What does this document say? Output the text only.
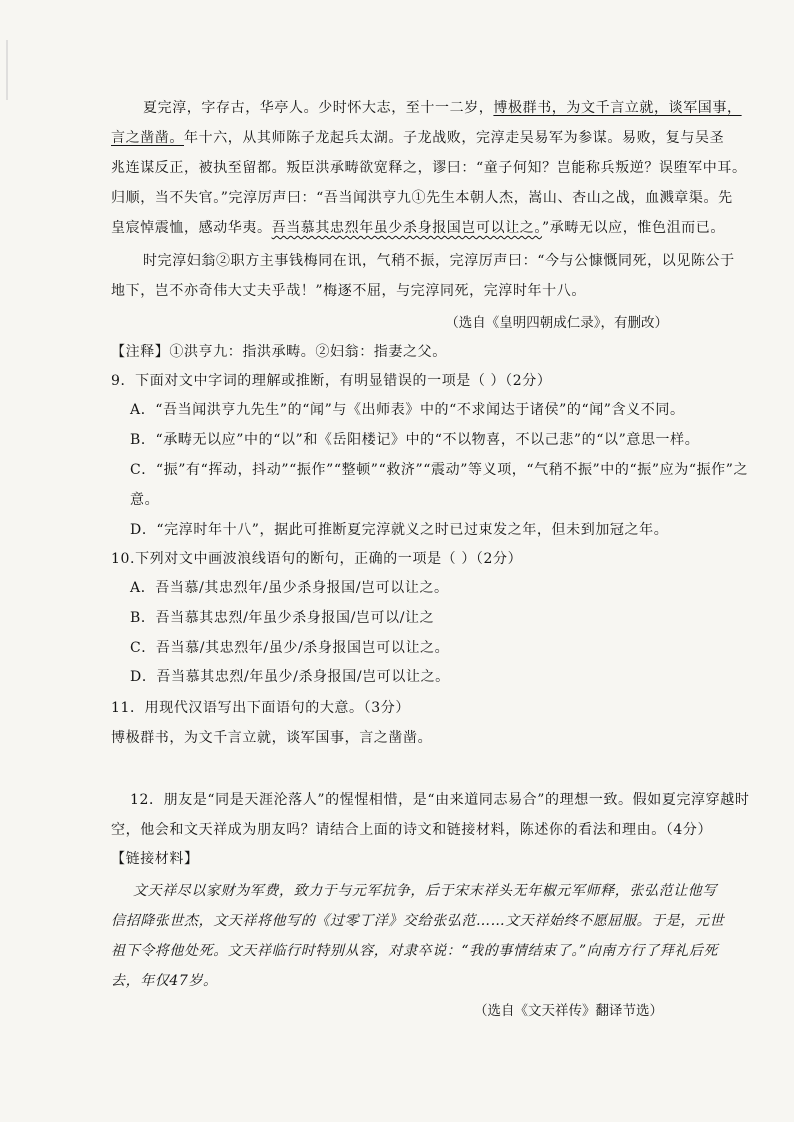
夏完淳，字存古，华亭人。少时怀大志，至十一二岁，博极群书，为文千言立就，谈军国事，
言之凿凿。年十六，从其师陈子龙起兵太湖。子龙战败，完淳走吴易军为参谋。易败，复与吴圣
兆连谋反正，被执至留都。叛臣洪承畴欲宽释之，谬曰：“童子何知？岂能称兵叛逆？误堕军中耳。
归顺，当不失官。”完淳厉声曰：“吾当闻洪亨九①先生本朝人杰，嵩山、杏山之战，血溅章渠。先
皇宸悼震恤，感动华夷。吾当慕其忠烈年虽少杀身报国岂可以让之。”承畴无以应，惟色沮而已。
时完淳妇翁②职方主事钱梅同在讯，气稍不振，完淳厉声曰：“今与公慷慨同死，以见陈公于
地下，岂不亦奇伟大丈夫乎哉！”梅逐不屈，与完淳同死，完淳时年十八。
（选自《皇明四朝成仁录》，有删改）
【注释】①洪亨九：指洪承畴。②妇翁：指妻之父。
9．下面对文中字词的理解或推断，有明显错误的一项是（ ）（2分）
A．“吾当闻洪亨九先生”的“闻”与《出师表》中的“不求闻达于诸侯”的“闻”含义不同。
B．“承畴无以应”中的“以”和《岳阳楼记》中的“不以物喜，不以己悲”的“以”意思一样。
C．“振”有“挥动，抖动”“振作”“整顿”“救济”“震动”等义项，“气稍不振”中的“振”应为“振作”之
意。
D．“完淳时年十八”，据此可推断夏完淳就义之时已过束发之年，但未到加冠之年。
10.下列对文中画波浪线语句的断句，正确的一项是（ ）（2分）
A．吾当慕/其忠烈年/虽少杀身报国/岂可以让之。
B．吾当慕其忠烈/年虽少杀身报国/岂可以/让之
C．吾当慕/其忠烈年/虽少/杀身报国岂可以让之。
D．吾当慕其忠烈/年虽少/杀身报国/岂可以让之。
11．用现代汉语写出下面语句的大意。（3分）
博极群书，为文千言立就，谈军国事，言之凿凿。
12．朋友是“同是天涯沦落人”的惺惺相惜，是“由来道同志易合”的理想一致。假如夏完淳穿越时
空，他会和文天祥成为朋友吗？请结合上面的诗文和链接材料，陈述你的看法和理由。（4分）
【链接材料】
文天祥尽以家财为军费，致力于与元军抗争，后于宋末祥头无年椒元军师释，张弘范让他写
信招降张世杰，文天祥将他写的《过零丁洋》交给张弘范……文天祥始终不愿屈服。于是，元世
祖下令将他处死。文天祥临行时特别从容，对隶卒说：“我的事情结束了。”向南方行了拜礼后死
去，年仅47岁。
（选自《文天祥传》翻译节选）
